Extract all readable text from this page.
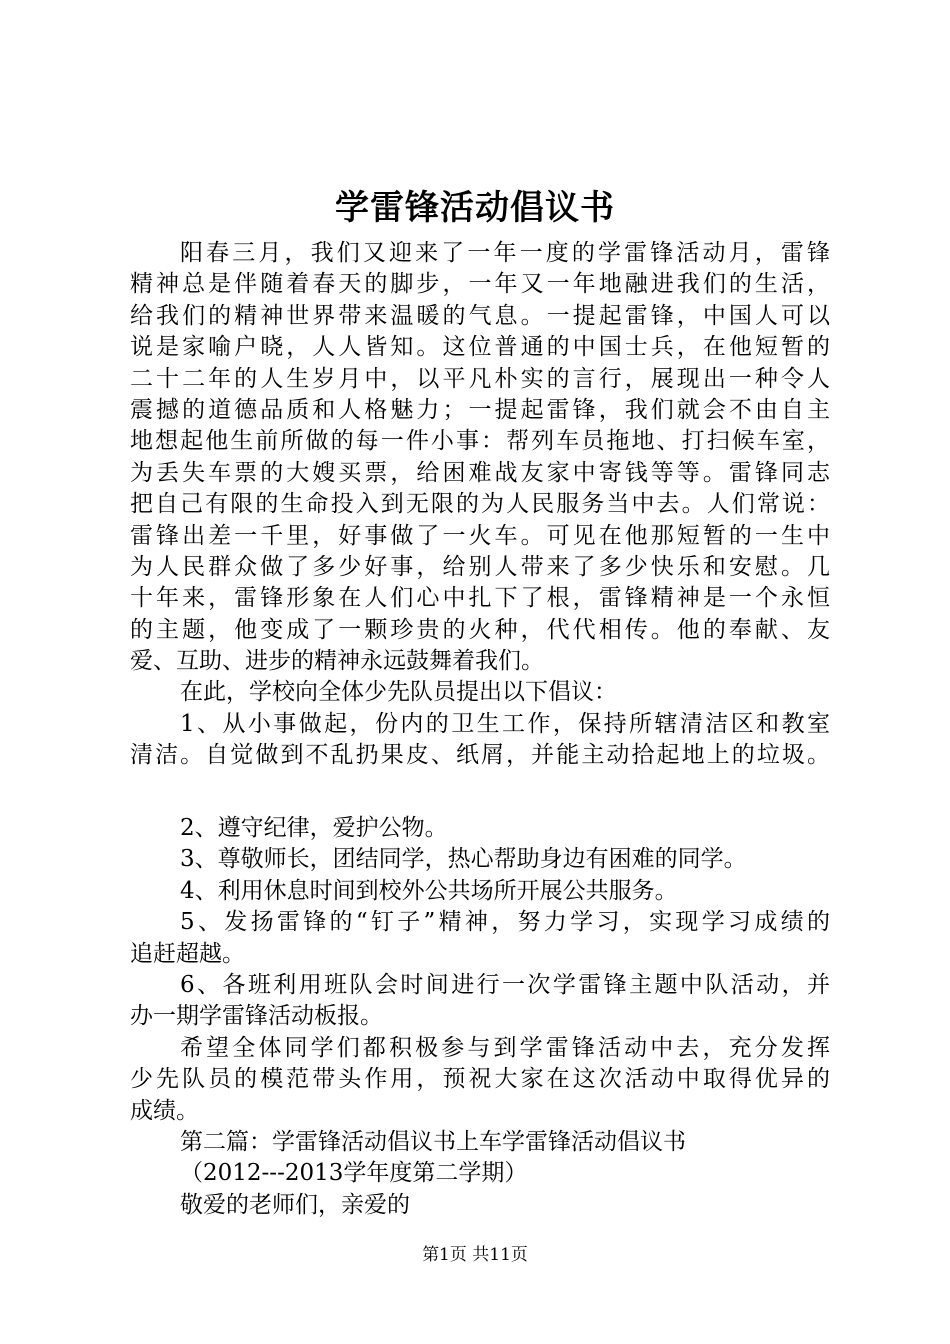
学雷锋活动倡议书
阳春三月，我们又迎来了一年一度的学雷锋活动月，雷锋
精神总是伴随着春天的脚步，一年又一年地融进我们的生活，
给我们的精神世界带来温暖的气息。一提起雷锋，中国人可以
说是家喻户晓，人人皆知。这位普通的中国士兵，在他短暂的
二十二年的人生岁月中，以平凡朴实的言行，展现出一种令人
震撼的道德品质和人格魅力；一提起雷锋，我们就会不由自主
地想起他生前所做的每一件小事：帮列车员拖地、打扫候车室，
为丢失车票的大嫂买票，给困难战友家中寄钱等等。雷锋同志
把自己有限的生命投入到无限的为人民服务当中去。人们常说：
雷锋出差一千里，好事做了一火车。可见在他那短暂的一生中
为人民群众做了多少好事，给别人带来了多少快乐和安慰。几
十年来，雷锋形象在人们心中扎下了根，雷锋精神是一个永恒
的主题，他变成了一颗珍贵的火种，代代相传。他的奉献、友
爱、互助、进步的精神永远鼓舞着我们。
在此，学校向全体少先队员提出以下倡议：
1、从小事做起，份内的卫生工作，保持所辖清洁区和教室
清洁。自觉做到不乱扔果皮、纸屑，并能主动拾起地上的垃圾。
2、遵守纪律，爱护公物。
3、尊敬师长，团结同学，热心帮助身边有困难的同学。
4、利用休息时间到校外公共场所开展公共服务。
5、发扬雷锋的“钉子”精神，努力学习，实现学习成绩的
追赶超越。
6、各班利用班队会时间进行一次学雷锋主题中队活动，并
办一期学雷锋活动板报。
希望全体同学们都积极参与到学雷锋活动中去，充分发挥
少先队员的模范带头作用，预祝大家在这次活动中取得优异的
成绩。
第二篇：学雷锋活动倡议书上车学雷锋活动倡议书
（2012---2013学年度第二学期）
敬爱的老师们，亲爱的
第1页 共11页
